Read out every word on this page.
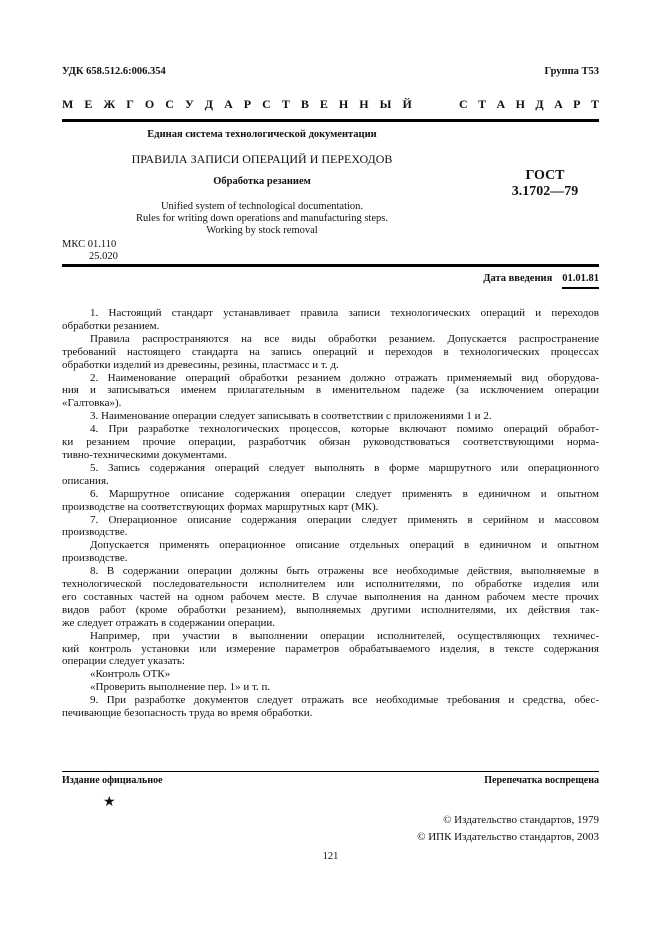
УДК 658.512.6:006.354	Группа Т53
М Е Ж Г О С У Д А Р С Т В Е Н Н Ы Й	С Т А Н Д А Р Т
Единая система технологической документации
ПРАВИЛА ЗАПИСИ ОПЕРАЦИЙ И ПЕРЕХОДОВ
Обработка резанием
Unified system of technological documentation.
Rules for writing down operations and manufacturing steps.
Working by stock removal
ГОСТ
3.1702—79
МКС 01.110
25.020
Дата введения 01.01.81
1. Настоящий стандарт устанавливает правила записи технологических операций и переходов
обработки резанием.
Правила распространяются на все виды обработки резанием. Допускается распространение
требований настоящего стандарта на запись операций и переходов в технологических процессах
обработки изделий из древесины, резины, пластмасс и т. д.
2. Наименование операций обработки резанием должно отражать применяемый вид оборудова-
ния и записываться именем прилагательным в именительном падеже (за исключением операции
«Галтовка»).
3. Наименование операции следует записывать в соответствии с приложениями 1 и 2.
4. При разработке технологических процессов, которые включают помимо операций обработ-
ки резанием прочие операции, разработчик обязан руководствоваться соответствующими норма-
тивно-техническими документами.
5. Запись содержания операций следует выполнять в форме маршрутного или операционного
описания.
6. Маршрутное описание содержания операции следует применять в единичном и опытном
производстве на соответствующих формах маршрутных карт (МК).
7. Операционное описание содержания операции следует применять в серийном и массовом
производстве.
Допускается применять операционное описание отдельных операций в единичном и опытном
производстве.
8. В содержании операции должны быть отражены все необходимые действия, выполняемые в
технологической последовательности исполнителем или исполнителями, по обработке изделия или
его составных частей на одном рабочем месте. В случае выполнения на данном рабочем месте прочих
видов работ (кроме обработки резанием), выполняемых другими исполнителями, их действия так-
же следует отражать в содержании операции.
Например, при участии в выполнении операции исполнителей, осуществляющих техничес-
кий контроль установки или измерение параметров обрабатываемого изделия, в тексте содержания
операции следует указать:
«Контроль ОТК»
«Проверить выполнение пер. 1» и т. п.
9. При разработке документов следует отражать все необходимые требования и средства, обес-
печивающие безопасность труда во время обработки.
Издание официальное	Перепечатка воспрещена
★
© Издательство стандартов, 1979
© ИПК Издательство стандартов, 2003
121
